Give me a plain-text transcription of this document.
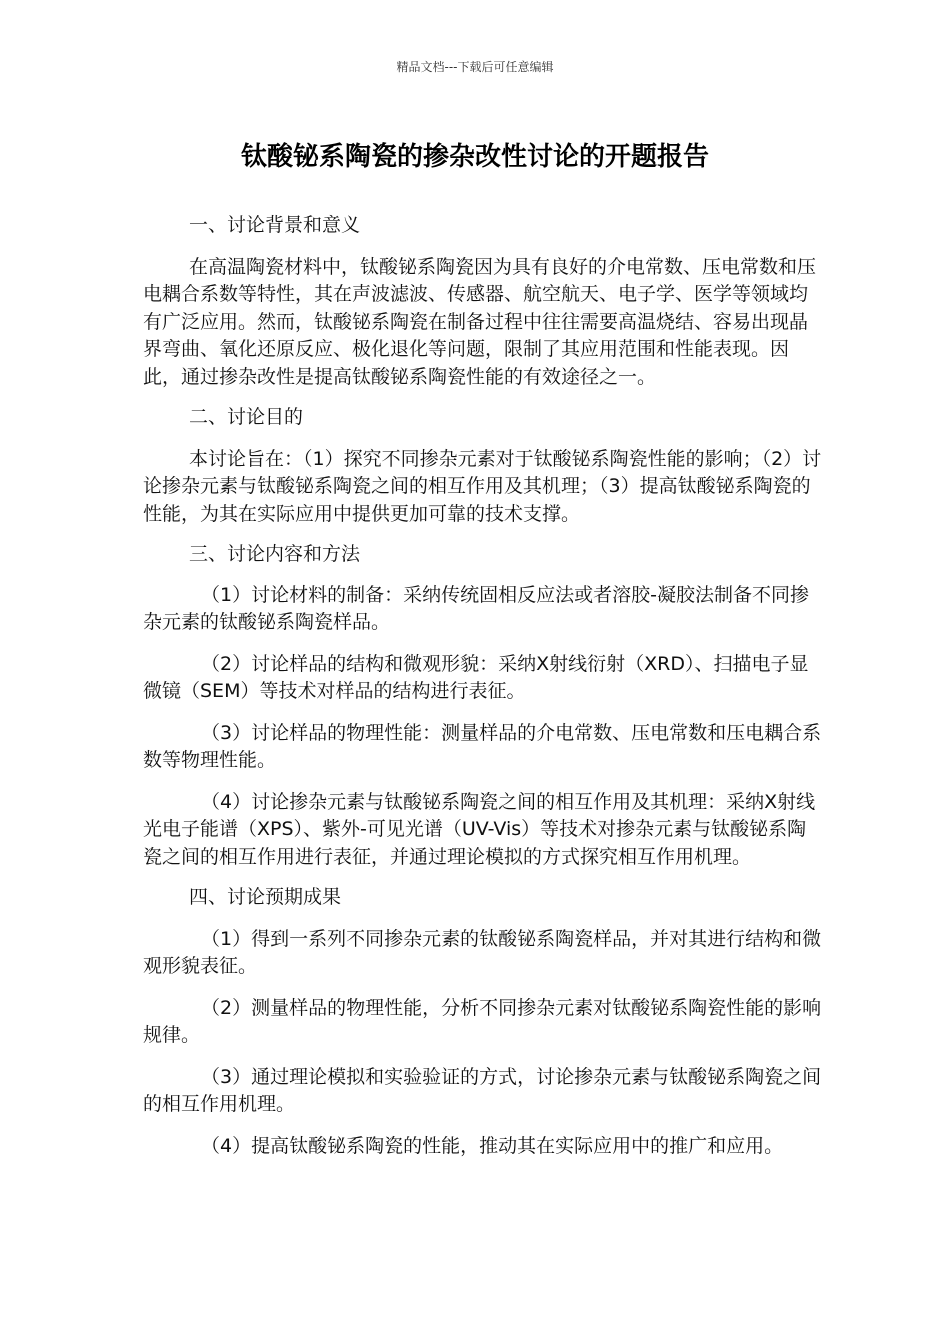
精品文档---下载后可任意编辑
钛酸铋系陶瓷的掺杂改性讨论的开题报告

一、讨论背景和意义

在高温陶瓷材料中，钛酸铋系陶瓷因为具有良好的介电常数、压电常数和压电耦合系数等特性，其在声波滤波、传感器、航空航天、电子学、医学等领域均有广泛应用。然而，钛酸铋系陶瓷在制备过程中往往需要高温烧结、容易出现晶界弯曲、氧化还原反应、极化退化等问题，限制了其应用范围和性能表现。因此，通过掺杂改性是提高钛酸铋系陶瓷性能的有效途径之一。

二、讨论目的

本讨论旨在：（1）探究不同掺杂元素对于钛酸铋系陶瓷性能的影响；（2）讨论掺杂元素与钛酸铋系陶瓷之间的相互作用及其机理；（3）提高钛酸铋系陶瓷的性能，为其在实际应用中提供更加可靠的技术支撑。

三、讨论内容和方法

（1）讨论材料的制备：采纳传统固相反应法或者溶胶-凝胶法制备不同掺杂元素的钛酸铋系陶瓷样品。

（2）讨论样品的结构和微观形貌：采纳X射线衍射（XRD）、扫描电子显微镜（SEM）等技术对样品的结构进行表征。

（3）讨论样品的物理性能：测量样品的介电常数、压电常数和压电耦合系数等物理性能。

（4）讨论掺杂元素与钛酸铋系陶瓷之间的相互作用及其机理：采纳X射线光电子能谱（XPS）、紫外-可见光谱（UV-Vis）等技术对掺杂元素与钛酸铋系陶瓷之间的相互作用进行表征，并通过理论模拟的方式探究相互作用机理。

四、讨论预期成果

（1）得到一系列不同掺杂元素的钛酸铋系陶瓷样品，并对其进行结构和微观形貌表征。

（2）测量样品的物理性能，分析不同掺杂元素对钛酸铋系陶瓷性能的影响规律。

（3）通过理论模拟和实验验证的方式，讨论掺杂元素与钛酸铋系陶瓷之间的相互作用机理。

（4）提高钛酸铋系陶瓷的性能，推动其在实际应用中的推广和应用。
